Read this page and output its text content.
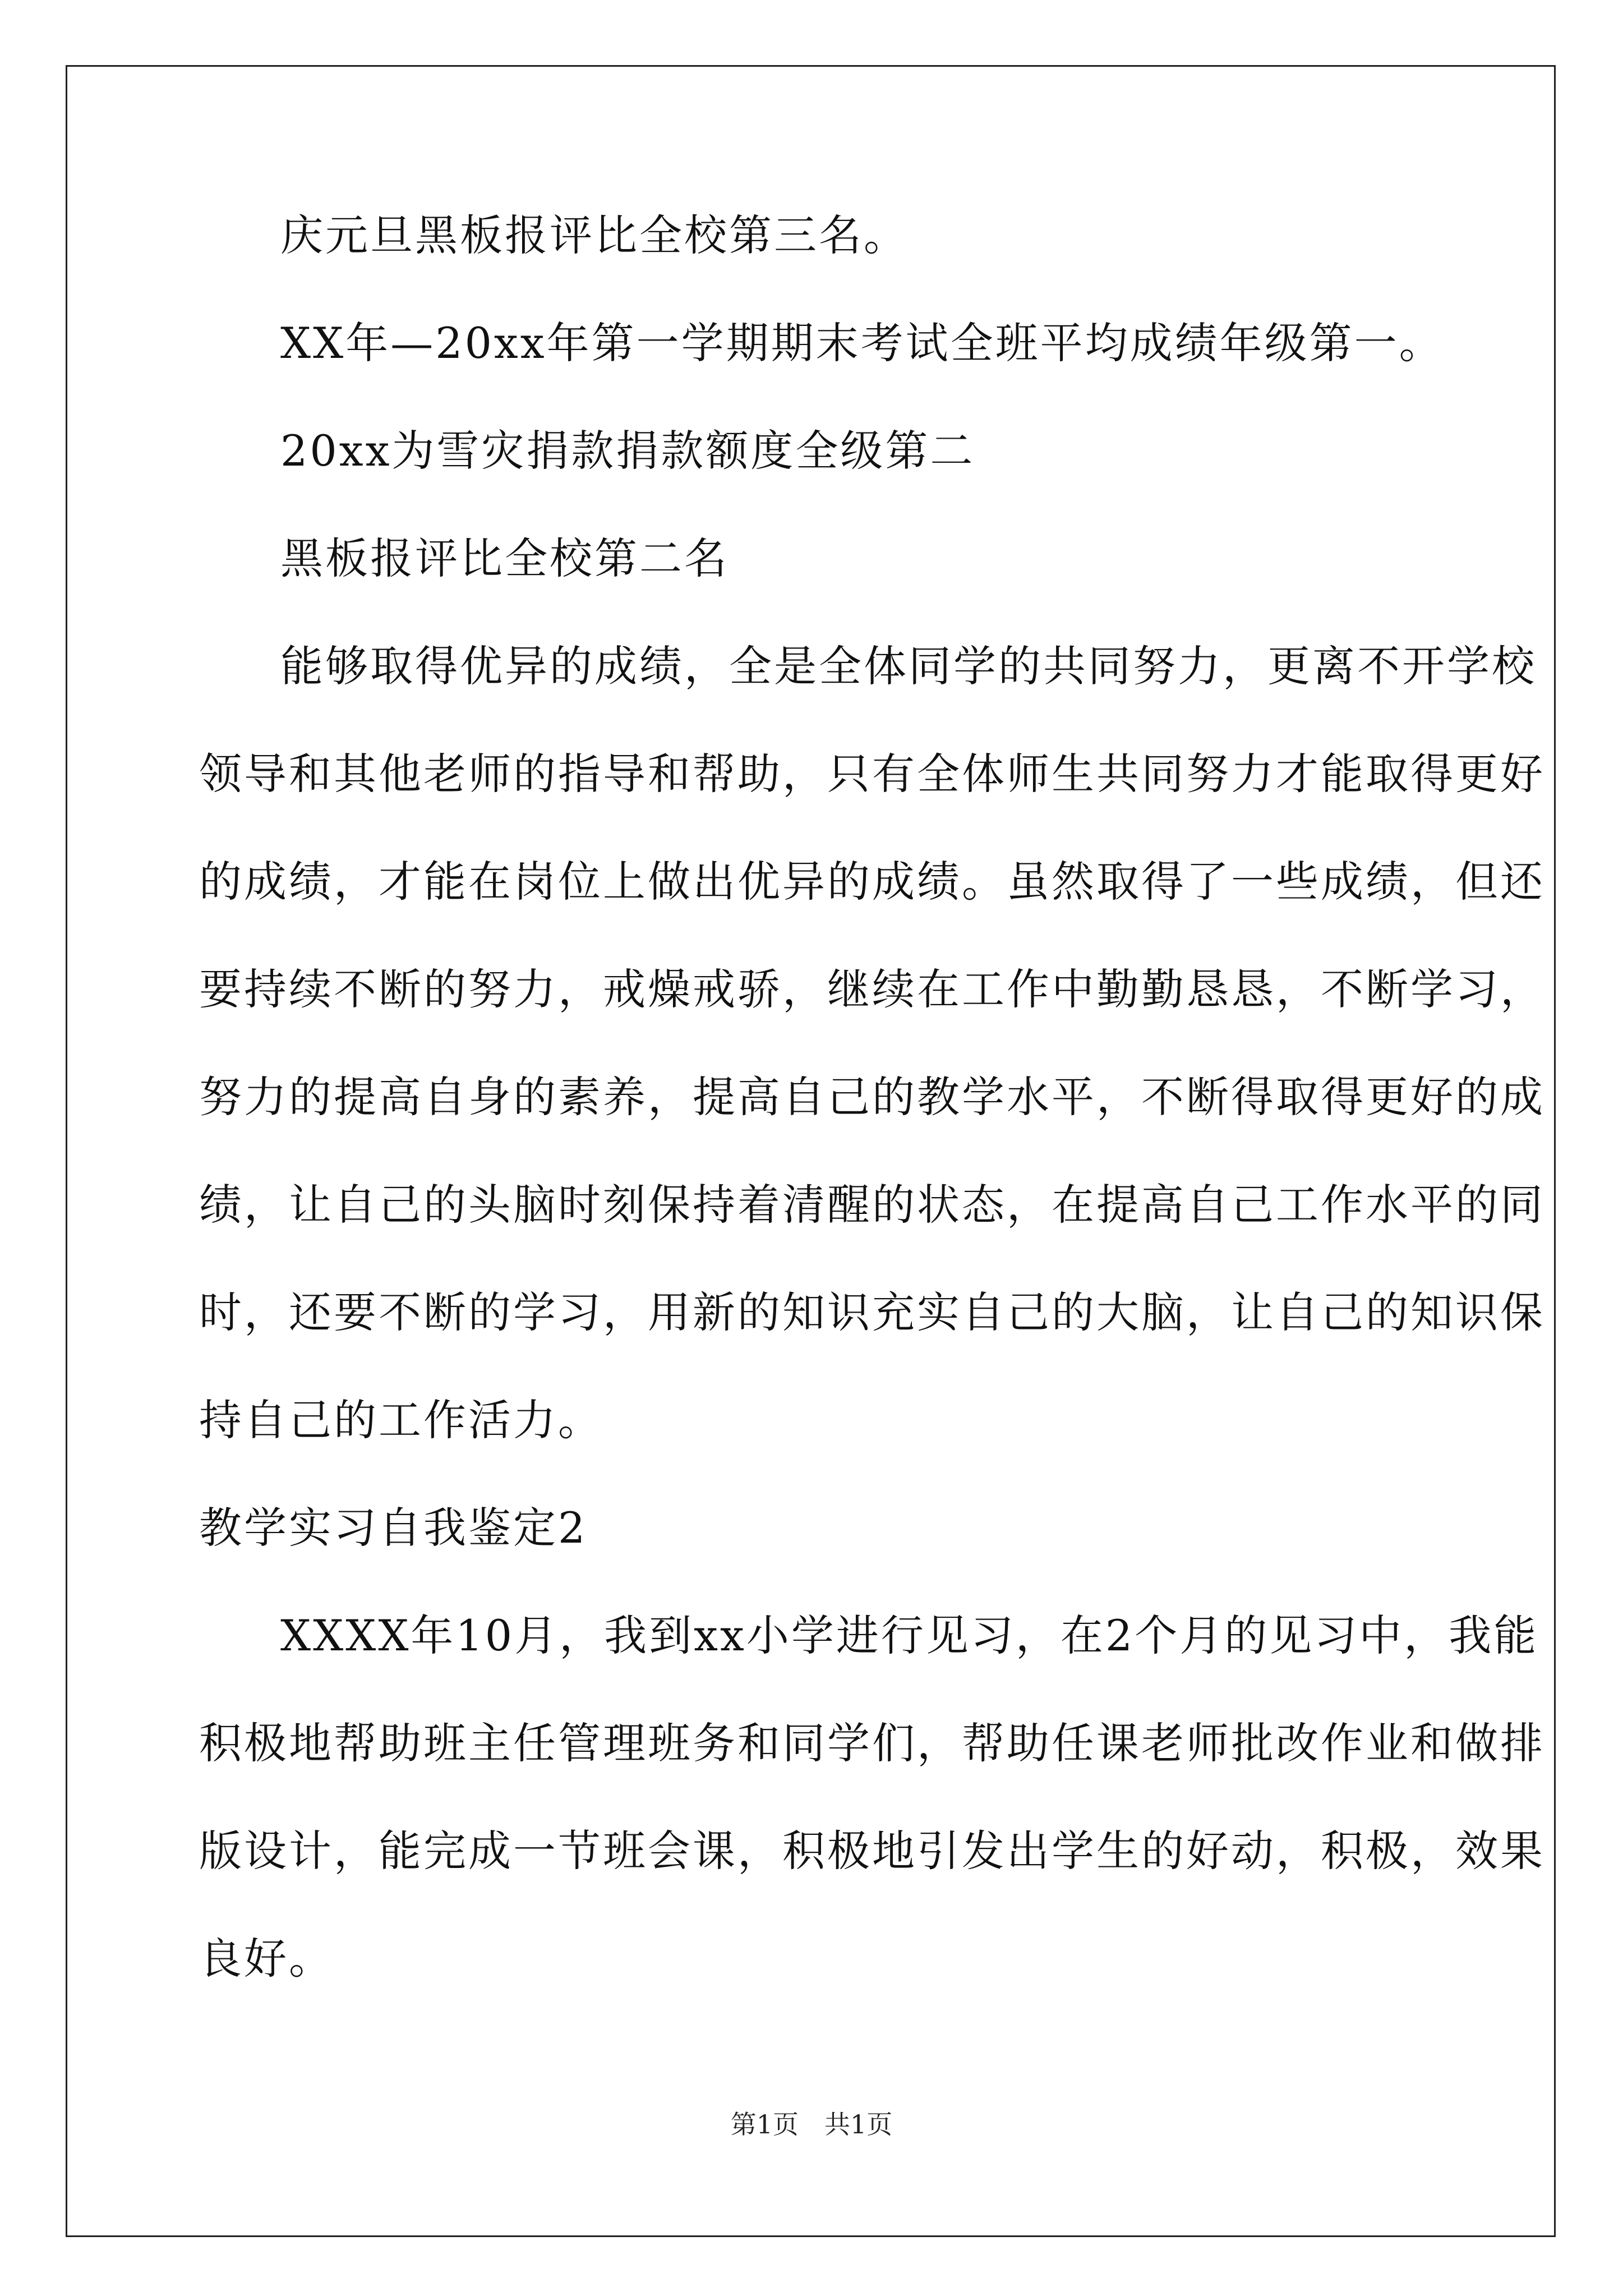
庆元旦黑板报评比全校第三名。

XX年—20xx年第一学期期末考试全班平均成绩年级第一。

20xx为雪灾捐款捐款额度全级第二

黑板报评比全校第二名

能够取得优异的成绩，全是全体同学的共同努力，更离不开学校

领导和其他老师的指导和帮助，只有全体师生共同努力才能取得更好

的成绩，才能在岗位上做出优异的成绩。虽然取得了一些成绩，但还

要持续不断的努力，戒燥戒骄，继续在工作中勤勤恳恳，不断学习，

努力的提高自身的素养，提高自己的教学水平，不断得取得更好的成

绩，让自己的头脑时刻保持着清醒的状态，在提高自己工作水平的同

时，还要不断的学习，用新的知识充实自己的大脑，让自己的知识保

持自己的工作活力。

教学实习自我鉴定2

XXXX年10月，我到xx小学进行见习，在2个月的见习中，我能

积极地帮助班主任管理班务和同学们，帮助任课老师批改作业和做排

版设计，能完成一节班会课，积极地引发出学生的好动，积极，效果

良好。

第1页　共1页
